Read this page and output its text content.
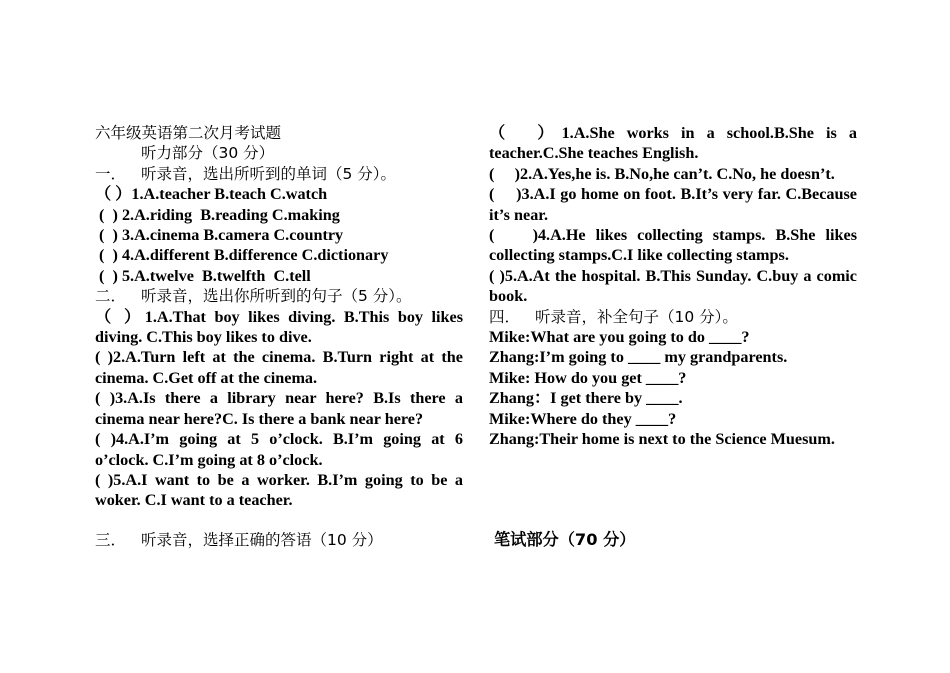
六年级英语第二次月考试题
听力部分（30 分）
一． 听录音，选出所听到的单词（5 分）。
（ ）1.A.teacher B.teach C.watch
(  ) 2.A.riding  B.reading C.making
(  ) 3.A.cinema B.camera C.country
(  ) 4.A.different B.difference C.dictionary
(  ) 5.A.twelve  B.twelfth  C.tell
二． 听录音，选出你所听到的句子（5 分）。
（ ）1.A.That boy likes diving. B.This boy likes diving. C.This boy likes to dive.
( )2.A.Turn left at the cinema. B.Turn right at the cinema. C.Get off at the cinema.
( )3.A.Is there a library near here? B.Is there a cinema near here?C. Is there a bank near here?
( )4.A.I’m going at 5 o’clock. B.I’m going at 6 o’clock. C.I’m going at 8 o’clock.
( )5.A.I want to be a worker. B.I’m going to be a woker. C.I want to a teacher.
三． 听录音，选择正确的答语（10 分）
（　）1.A.She works in a school.B.She is a teacher.C.She teaches English.
(　 )2.A.Yes,he is. B.No,he can’t. C.No, he doesn’t.
(　 )3.A.I go home on foot. B.It’s very far. C.Because it’s near.
(　 )4.A.He likes collecting stamps. B.She likes collecting stamps.C.I like collecting stamps.
( )5.A.At the hospital. B.This Sunday. C.buy a comic book.
四． 听录音，补全句子（10 分）。
Mike:What are you going to do ____?
Zhang:I’m going to ____ my grandparents.
Mike: How do you get ____?
Zhang：I get there by ____.
Mike:Where do they ____?
Zhang:Their home is next to the Science Muesum.
笔试部分（70 分）
